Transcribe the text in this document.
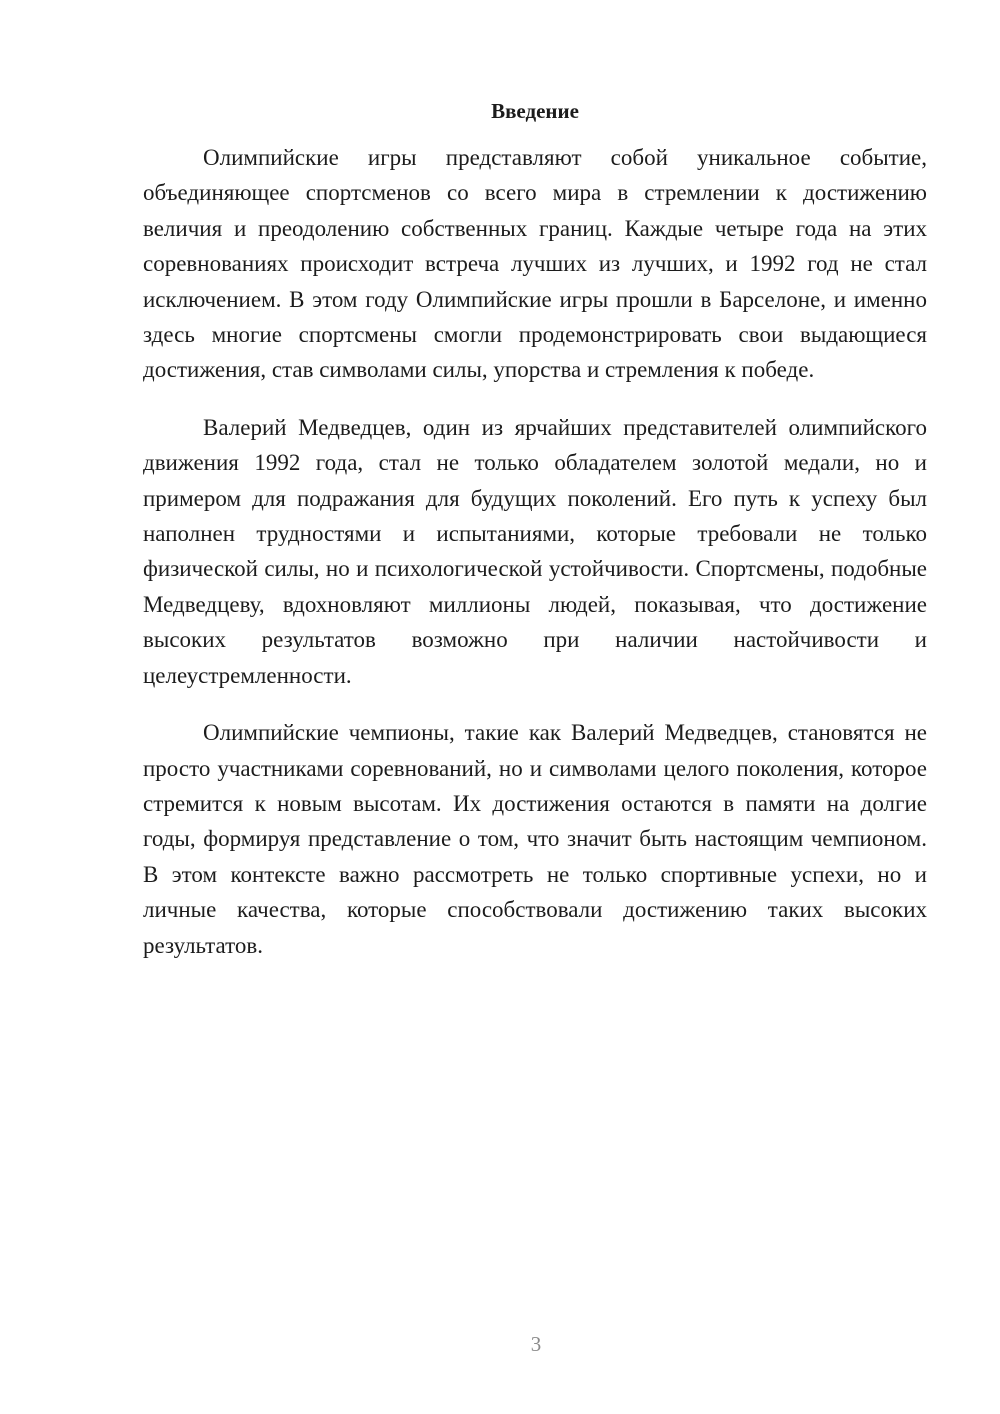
Введение

Олимпийские игры представляют собой уникальное событие, объединяющее спортсменов со всего мира в стремлении к достижению величия и преодолению собственных границ. Каждые четыре года на этих соревнованиях происходит встреча лучших из лучших, и 1992 год не стал исключением. В этом году Олимпийские игры прошли в Барселоне, и именно здесь многие спортсмены смогли продемонстрировать свои выдающиеся достижения, став символами силы, упорства и стремления к победе.

Валерий Медведцев, один из ярчайших представителей олимпийского движения 1992 года, стал не только обладателем золотой медали, но и примером для подражания для будущих поколений. Его путь к успеху был наполнен трудностями и испытаниями, которые требовали не только физической силы, но и психологической устойчивости. Спортсмены, подобные Медведцеву, вдохновляют миллионы людей, показывая, что достижение высоких результатов возможно при наличии настойчивости и целеустремленности.

Олимпийские чемпионы, такие как Валерий Медведцев, становятся не просто участниками соревнований, но и символами целого поколения, которое стремится к новым высотам. Их достижения остаются в памяти на долгие годы, формируя представление о том, что значит быть настоящим чемпионом. В этом контексте важно рассмотреть не только спортивные успехи, но и личные качества, которые способствовали достижению таких высоких результатов.

3
